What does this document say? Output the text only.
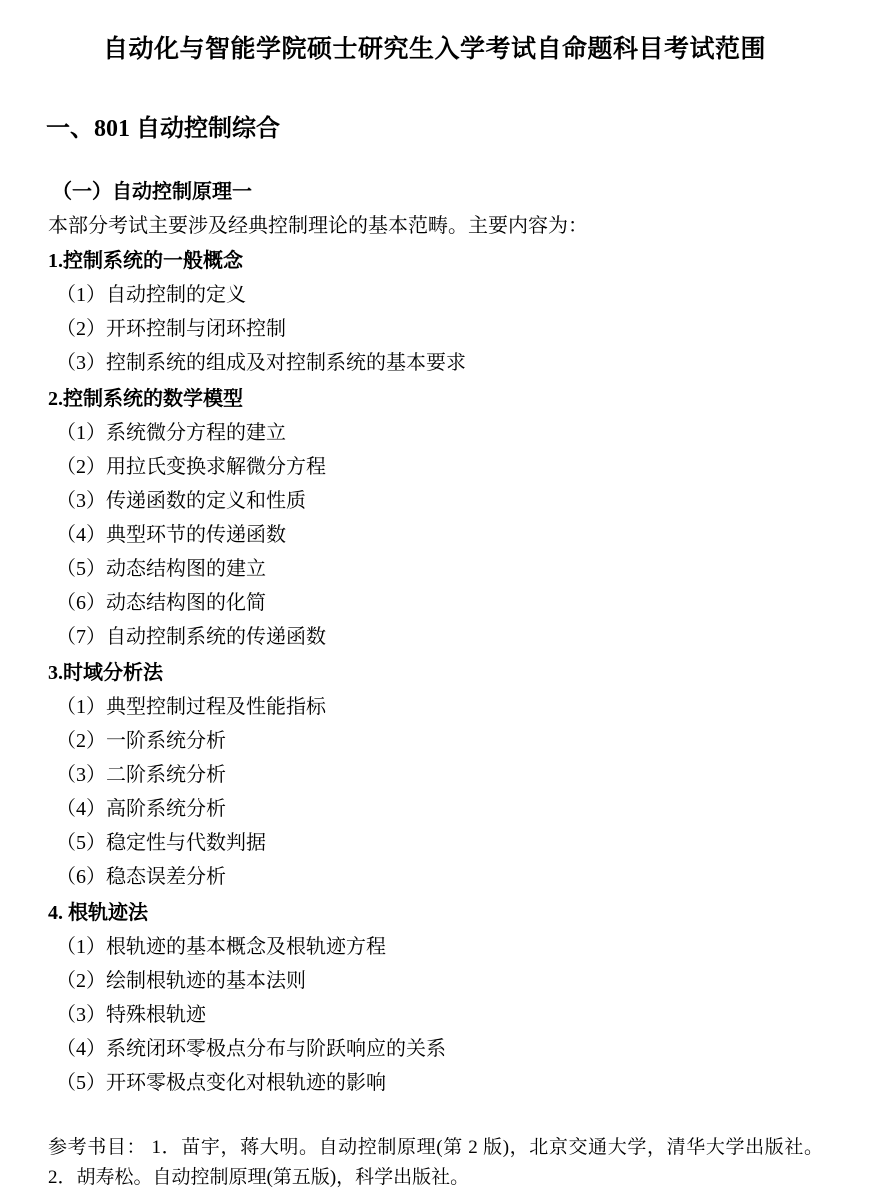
自动化与智能学院硕士研究生入学考试自命题科目考试范围
一、801 自动控制综合
（一）自动控制原理一

本部分考试主要涉及经典控制理论的基本范畴。主要内容为：

1.控制系统的一般概念
（1）自动控制的定义
（2）开环控制与闭环控制
（3）控制系统的组成及对控制系统的基本要求
2.控制系统的数学模型
（1）系统微分方程的建立
（2）用拉氏变换求解微分方程
（3）传递函数的定义和性质
（4）典型环节的传递函数
（5）动态结构图的建立
（6）动态结构图的化简
（7）自动控制系统的传递函数
3.时域分析法
（1）典型控制过程及性能指标
（2）一阶系统分析
（3）二阶系统分析
（4）高阶系统分析
（5）稳定性与代数判据
（6）稳态误差分析
4. 根轨迹法
（1）根轨迹的基本概念及根轨迹方程
（2）绘制根轨迹的基本法则
（3）特殊根轨迹
（4）系统闭环零极点分布与阶跃响应的关系
（5）开环零极点变化对根轨迹的影响

参考书目： 1．苗宇，蒋大明。自动控制原理(第 2 版)，北京交通大学，清华大学出版社。 2．胡寿松。自动控制原理(第五版)，科学出版社。
